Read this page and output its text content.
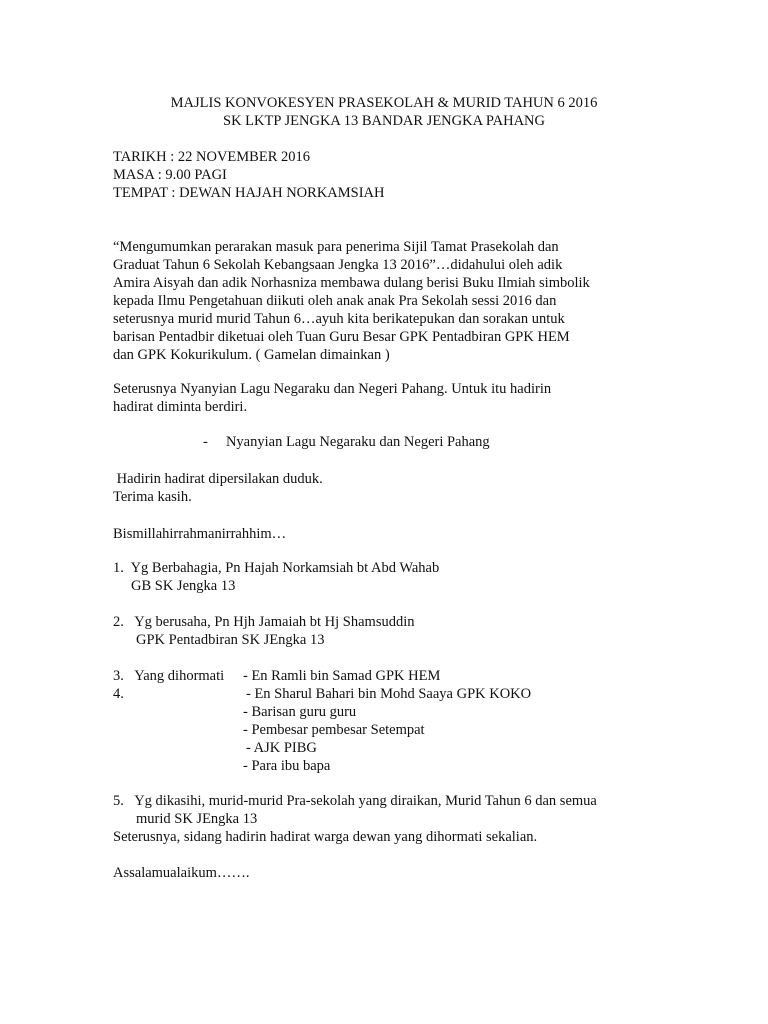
MAJLIS KONVOKESYEN PRASEKOLAH & MURID TAHUN 6 2016
SK LKTP JENGKA 13 BANDAR JENGKA PAHANG
TARIKH : 22 NOVEMBER 2016
MASA : 9.00 PAGI
TEMPAT : DEWAN HAJAH NORKAMSIAH
“Mengumumkan perarakan masuk para penerima Sijil Tamat Prasekolah dan
Graduat Tahun 6 Sekolah Kebangsaan Jengka 13 2016”…didahului oleh adik
Amira Aisyah dan adik Norhasniza membawa dulang berisi Buku Ilmiah simbolik
kepada Ilmu Pengetahuan diikuti oleh anak anak Pra Sekolah sessi 2016 dan
seterusnya murid murid Tahun 6…ayuh kita berikatepukan dan sorakan untuk
barisan Pentadbir diketuai oleh Tuan Guru Besar GPK Pentadbiran GPK HEM
dan GPK Kokurikulum. ( Gamelan dimainkan )
Seterusnya Nyanyian Lagu Negaraku dan Negeri Pahang. Untuk itu hadirin
hadirat diminta berdiri.
-     Nyanyian Lagu Negaraku dan Negeri Pahang
Hadirin hadirat dipersilakan duduk.
Terima kasih.
Bismillahirrahmanirrahhim…
1.  Yg Berbahagia, Pn Hajah Norkamsiah bt Abd Wahab
GB SK Jengka 13
2.   Yg berusaha, Pn Hjh Jamaiah bt Hj Shamsuddin
GPK Pentadbiran SK JEngka 13
3.   Yang dihormati - En Ramli bin Samad GPK HEM
4.	- En Sharul Bahari bin Mohd Saaya GPK KOKO
- Barisan guru guru
- Pembesar pembesar Setempat
- AJK PIBG
- Para ibu bapa
5.   Yg dikasihi, murid-murid Pra-sekolah yang diraikan, Murid Tahun 6 dan semua
murid SK JEngka 13
Seterusnya, sidang hadirin hadirat warga dewan yang dihormati sekalian.
Assalamualaikum…….
